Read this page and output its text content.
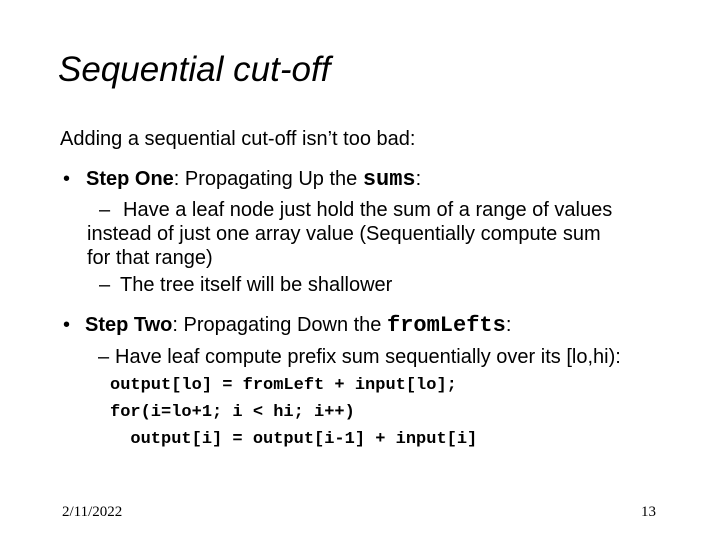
Sequential cut-off
Adding a sequential cut-off isn’t too bad:
• Step One: Propagating Up the sums:
– Have a leaf node just hold the sum of a range of values
instead of just one array value (Sequentially compute sum
for that range)
– The tree itself will be shallower
• Step Two: Propagating Down the fromLefts:
– Have leaf compute prefix sum sequentially over its [lo,hi):
output[lo] = fromLeft + input[lo];
for(i=lo+1; i < hi; i++)
output[i] = output[i-1] + input[i]
2/11/2022	13
